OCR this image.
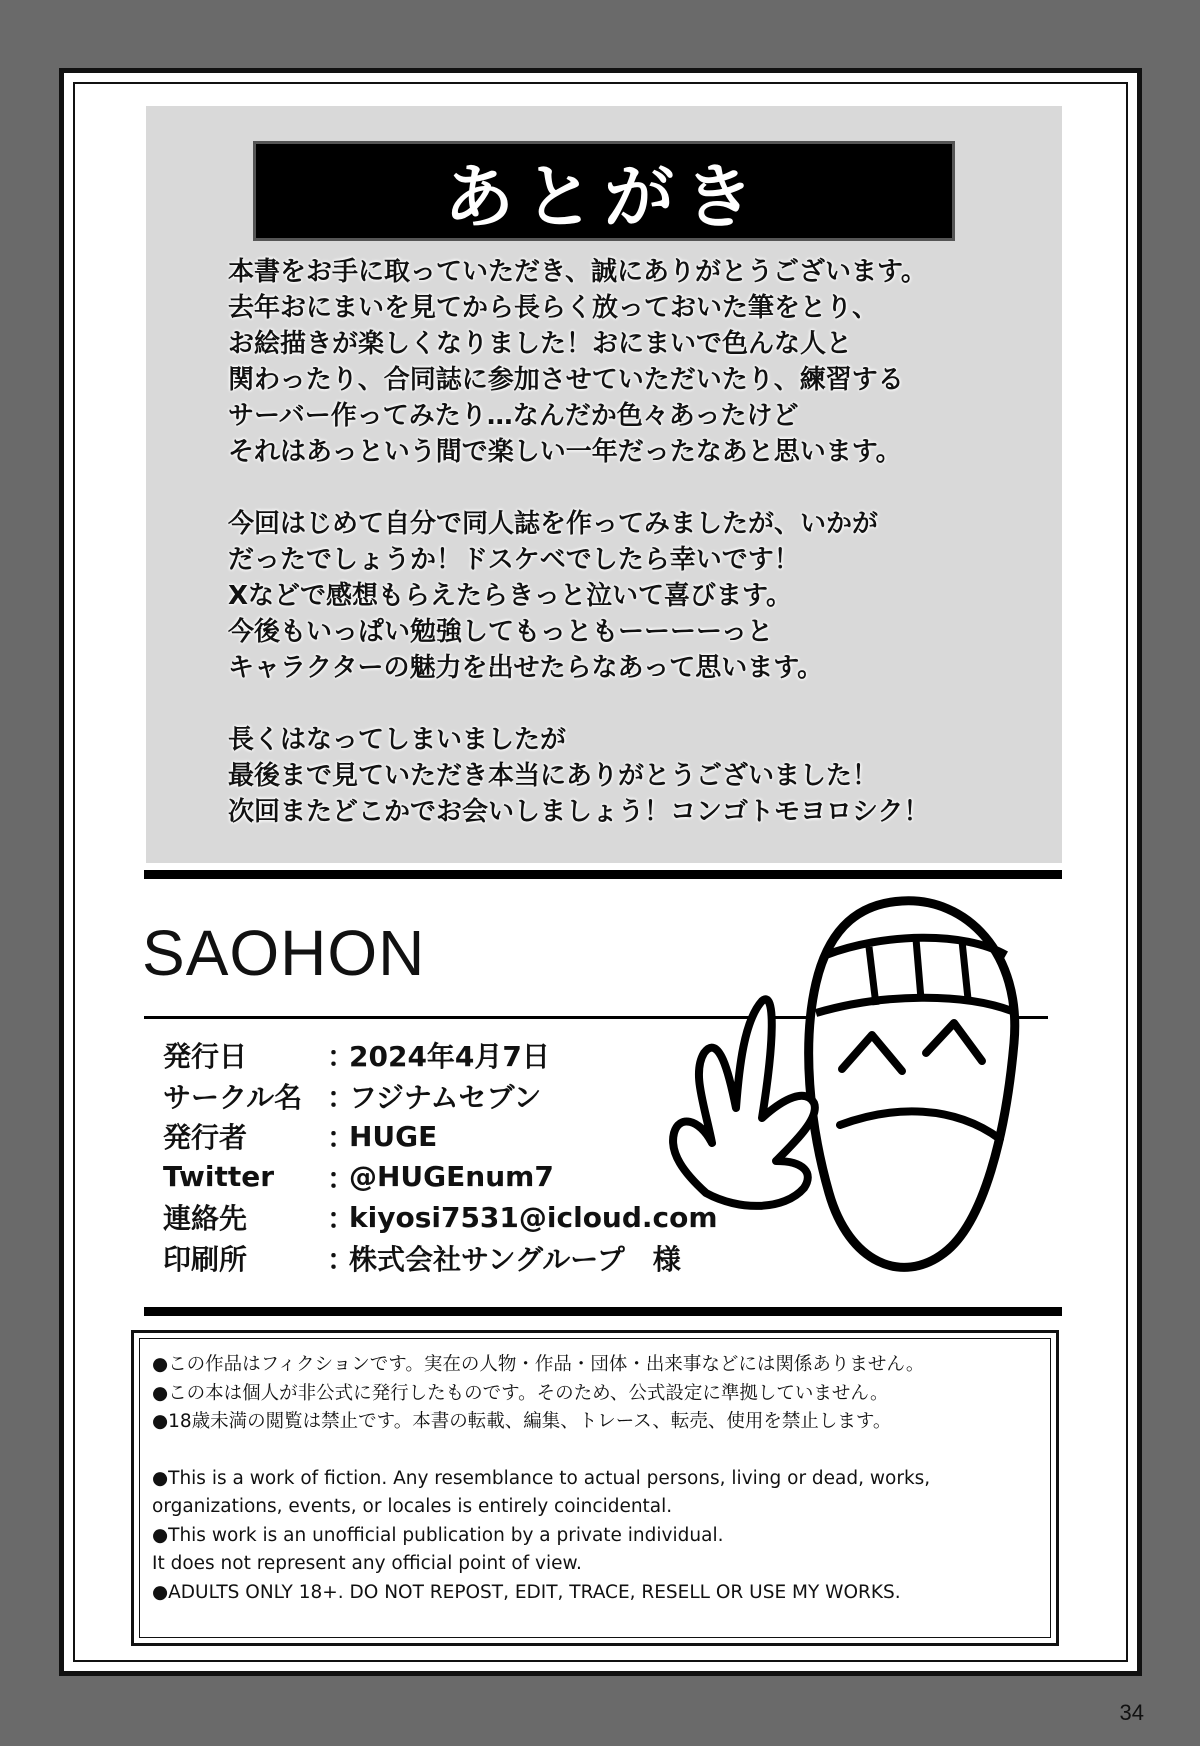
あとがき
本書をお手に取っていただき、誠にありがとうございます。
去年おにまいを見てから長らく放っておいた筆をとり、
お絵描きが楽しくなりました！おにまいで色んな人と
関わったり、合同誌に参加させていただいたり、練習する
サーバー作ってみたり…なんだか色々あったけど
それはあっという間で楽しい一年だったなあと思います。
今回はじめて自分で同人誌を作ってみましたが、いかが
だったでしょうか！ドスケベでしたら幸いです！
Xなどで感想もらえたらきっと泣いて喜びます。
今後もいっぱい勉強してもっともーーーーっと
キャラクターの魅力を出せたらなあって思います。
長くはなってしまいましたが
最後まで見ていただき本当にありがとうございました！
次回またどこかでお会いしましょう！コンゴトモヨロシク！
SAOHON
発行日	：
2024年4月7日
サークル名 ：
フジナムセブン
発行者	：
HUGE
Twitter	：
@HUGEnum7
連絡先	：
kiyosi7531@icloud.com
印刷所	：
株式会社サングループ　様
●この作品はフィクションです。実在の人物・作品・団体・出来事などには関係ありません。
●この本は個人が非公式に発行したものです。そのため、公式設定に準拠していません。
●18歳未満の閲覧は禁止です。本書の転載、編集、トレース、転売、使用を禁止します。
●This is a work of fiction. Any resemblance to actual persons, living or dead, works,
organizations, events, or locales is entirely coincidental.
●This work is an unofficial publication by a private individual.
It does not represent any official point of view.
●ADULTS ONLY 18+. DO NOT REPOST, EDIT, TRACE, RESELL OR USE MY WORKS.
34
